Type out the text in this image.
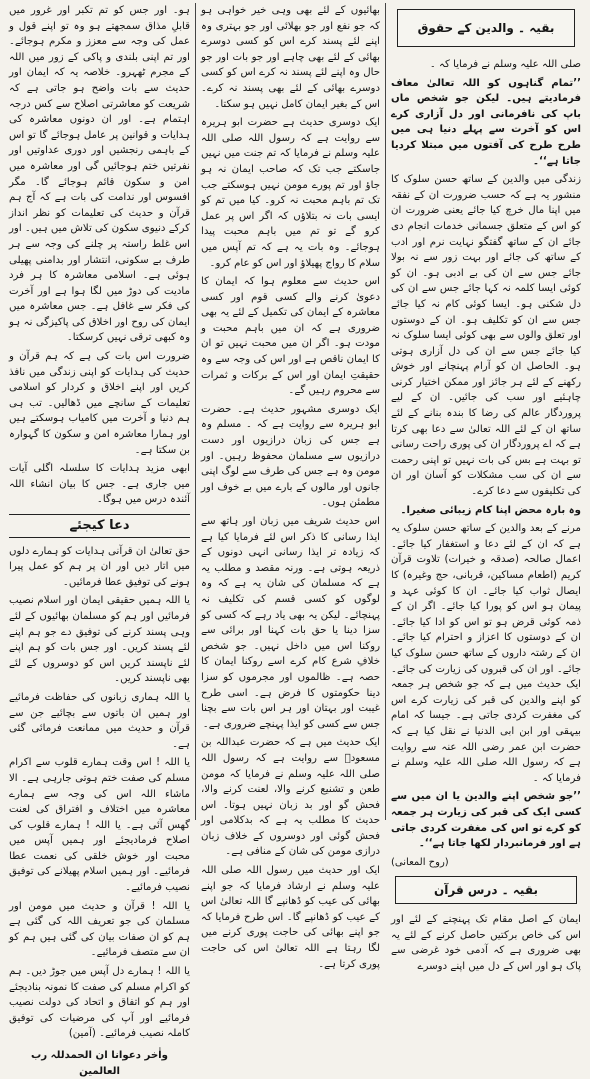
بقیہ ۔ والدین کے حقوق

صلی اللہ علیہ وسلم نے فرمایا کہ ۔

’’تمام گناہوں کو اللہ تعالیٰ معاف فرمادیتے ہیں۔ لیکن جو شخص ماں باپ کی نافرمانی اور دل آزاری کرے اس کو آخرت سے پہلے دنیا ہی میں طرح طرح کی آفتوں میں مبتلا کردیا جاتا ہے‘‘۔

زندگی میں والدین کے ساتھ حسن سلوک کا منشور یہ ہے کہ حسب ضرورت ان کے نفقہ میں اپنا مال خرچ کیا جائے یعنی ضرورت ان کو اس کے متعلق جسمانی خدمات انجام دی جائے ان کے ساتھ گفتگو نہایت نرم اور ادب کے ساتھ کی جائے اور بہت زور سے نہ بولا جائے جس سے ان کی بے ادبی ہو۔ ان کو کوئی ایسا کلمہ نہ کہا جائے جس سے ان کی دل شکنی ہو۔ ایسا کوئی کام نہ کیا جائے جس سے ان کو تکلیف ہو۔ ان کے دوستوں اور تعلق والوں سے بھی کوئی ایسا سلوک نہ کیا جائے جس سے ان کی دل آزاری ہوتی ہو۔ الحاصل ان کو آرام پہنچانے اور خوش رکھنے کے لئے ہر جائز اور ممکن اختیار کرنی چاہئیے اور سب کی جائیں۔ ان کے لیے پروردگار عالم کی رضا کا بندہ بنانے کے لئے ساتھ ان کے لئے اللہ تعالیٰ سے دعا بھی کرتا ہے کہ اے پروردگار ان کی پوری راحت رسانی تو بہت ہے بس کی بات نہیں تو اپنی رحمت سے ان کی سب مشکلات کو آسان اور ان کی تکلیفوں سے دعا کرے۔

وہ بارہ محض اپنا کام زیبائی صغیرا۔

مرنے کے بعد والدین کے ساتھ حسن سلوک یہ ہے کہ ان کے لئے دعا و استغفار کیا جائے۔ اعمال صالحہ (صدقہ و خیرات) تلاوت قرآن کریم (اطعام مساکین، قربانی، حج وغیرہ) کا ایصال ثواب کیا جائے۔ ان کا کوئی عہد و پیمان ہو اس کو پورا کیا جائے۔ اگر ان کے ذمہ کوئی قرض ہو تو اس کو ادا کیا جائے۔ ان کے دوستوں کا اعزاز و احترام کیا جائے۔ ان کے رشتہ داروں کے ساتھ حسن سلوک کیا جائے۔ اور ان کی قبروں کی زیارت کی جائے۔ ایک حدیث میں ہے کہ جو شخص ہر جمعہ کو اپنے والدین کی قبر کی زیارت کرے اس کی مغفرت کردی جاتی ہے۔ جیسا کہ امام بیہقی اور ابن ابی الدنیا نے نقل کیا ہے کہ حضرت ابن عمر رضی اللہ عنہ سے روایت ہے کہ رسول اللہ صلی اللہ علیہ وسلم نے فرمایا کہ ۔

’’جو شخص اپنے والدین یا ان میں سے کسی ایک کی قبر کی زیارت ہر جمعہ کو کرے تو اس کی مغفرت کردی جاتی ہے اور فرمانبردار لکھا جاتا ہے‘‘۔

(روح المعانی)

بقیہ ۔ درس قرآن

ایمان کے اصل مقام تک پہنچنے کے لئے اور اس کی خاص برکتیں حاصل کرنے کے لئے یہ بھی ضروری ہے کہ آدمی خود غرضی سے پاک ہو اور اس کے دل میں اپنے دوسرے

بھائیوں کے لئے بھی وہی خیر خواہی ہو کہ جو نفع اور جو بھلائی اور جو بہتری وہ اپنے لئے پسند کرے اس کو کسی دوسرے بھائی کے لئے بھی چاہے اور جو بات اور جو حال وہ اپنے لئے پسند نہ کرے اس کو کسی دوسرے بھائی کے لئے بھی پسند نہ کرے۔ اس کے بغیر ایمان کامل نہیں ہو سکتا۔

ایک دوسری حدیث ہے حضرت ابو ہریرہ سے روایت ہے کہ رسول اللہ صلی اللہ علیہ وسلم نے فرمایا کہ تم جنت میں نہیں جاسکتے جب تک کہ صاحب ایمان نہ ہو جاؤ اور تم پورے مومن نہیں ہوسکتے جب تک تم باہم محبت نہ کرو۔ کیا میں تم کو ایسی بات نہ بتلاؤں کہ اگر اس پر عمل کرو گے تو تم میں باہم محبت پیدا ہوجائے۔ وہ بات یہ ہے کہ تم آپس میں سلام کا رواج پھیلاؤ اور اس کو عام کرو۔

اس حدیث سے معلوم ہوا کہ ایمان کا دعویٰ کرنے والے کسی قوم اور کسی معاشرہ کے ایمان کی تکمیل کے لئے یہ بھی ضروری ہے کہ ان میں باہم محبت و مودت ہو۔ اگر ان میں محبت نہیں تو ان کا ایمان ناقص ہے اور اس کی وجہ سے وہ حقیقتِ ایمان اور اس کے برکات و ثمرات سے محروم رہیں گے۔

ایک دوسری مشہور حدیث ہے۔ حضرت ابو ہریرہ سے روایت ہے کہ ۔ مسلم وہ ہے جس کی زبان درازیوں اور دست درازیوں سے مسلمان محفوظ رہیں۔ اور مومن وہ ہے جس کی طرف سے لوگ اپنی جانوں اور مالوں کے بارے میں بے خوف اور مطمئن ہوں۔

اس حدیث شریف میں زبان اور ہاتھ سے ایذا رسانی کا ذکر اس لئے فرمایا کیا ہے کہ زیادہ تر ایذا رسانی انہی دونوں کے ذریعہ ہوتی ہے۔ ورنہ مقصد و مطلب یہ ہے کہ مسلمان کی شان یہ ہے کہ وہ لوگوں کو کسی قسم کی تکلیف نہ پہنچائے۔ لیکن یہ بھی یاد رہے کہ کسی کو سزا دینا یا حق بات کہنا اور برائی سے روکنا اس میں داخل نہیں۔ جو شخص خلافِ شرع کام کرے اسے روکنا ایمان کا حصہ ہے۔ ظالموں اور مجرموں کو سزا دینا حکومتوں کا فرض ہے۔ اسی طرح غیبت اور بہتان اور ہر اس بات سے بچنا جس سے کسی کو ایذا پہنچے ضروری ہے۔

ایک حدیث میں ہے کہ حضرت عبداللہ بن مسعودؓ سے روایت ہے کہ رسول اللہ صلی اللہ علیہ وسلم نے فرمایا کہ مومن طعن و تشنیع کرنے والا، لعنت کرنے والا، فحش گو اور بد زبان نہیں ہوتا۔ اس حدیث کا مطلب یہ ہے کہ بدکلامی اور فحش گوئی اور دوسروں کے خلاف زبان درازی مومن کی شان کے منافی ہے۔

ایک اور حدیث میں رسول اللہ صلی اللہ علیہ وسلم نے ارشاد فرمایا کہ جو اپنے بھائی کی عیب کو ڈھانپے گا اللہ تعالیٰ اس کے عیب کو ڈھانپے گا۔ اس طرح فرمایا کہ جو اپنے بھائی کی حاجت پوری کرنے میں لگا رہتا ہے اللہ تعالیٰ اس کی حاجت پوری کرتا ہے۔

ہو۔ اور جس کو تم تکبر اور غرور میں قابلِ مذاق سمجھتے ہو وہ تو اپنے قول و عمل کی وجہ سے معزز و مکرم ہوجائے۔ اور تم اپنی بلندی و پاکی کے زور میں اللہ کے مجرم ٹھہرو۔ خلاصہ یہ کہ ایمان اور حدیث سے بات واضح ہو جاتی ہے کہ شریعت کو معاشرتی اصلاح سے کس درجہ اہتمام ہے۔ اور ان دونوں معاشرہ کی ہدایات و قوانین پر عامل ہوجائے گا تو اس کے باہمی رنجشیں اور دوری عداوتیں اور نفرتیں ختم ہوجائیں گی اور معاشرہ میں امن و سکون قائم ہوجائے گا۔ مگر افسوس اور ندامت کی بات ہے کہ آج ہم قرآن و حدیث کی تعلیمات کو نظر انداز کرکے دنیوی سکون کی تلاش میں ہیں۔ اور اس غلط راستہ پر چلنے کی وجہ سے ہر طرف بے سکونی، انتشار اور بدامنی پھیلی ہوئی ہے۔ اسلامی معاشرہ کا ہر فرد مادیت کی دوڑ میں لگا ہوا ہے اور آخرت کی فکر سے غافل ہے۔ جس معاشرہ میں ایمان کی روح اور اخلاق کی پاکیزگی نہ ہو وہ کبھی ترقی نہیں کرسکتا۔

ضرورت اس بات کی ہے کہ ہم قرآن و حدیث کی ہدایات کو اپنی زندگی میں نافذ کریں اور اپنے اخلاق و کردار کو اسلامی تعلیمات کے سانچے میں ڈھالیں۔ تب ہی ہم دنیا و آخرت میں کامیاب ہوسکتے ہیں اور ہمارا معاشرہ امن و سکون کا گہوارہ بن سکتا ہے۔

ابھی مزید ہدایات کا سلسلہ اگلی آیات میں جاری ہے۔ جس کا بیان انشاء اللہ آئندہ درس میں ہوگا۔

دعا کیجئے

حق تعالیٰ ان قرآنی ہدایات کو ہمارے دلوں میں اتار دیں اور ان پر ہم کو عمل پیرا ہونے کی توفیق عطا فرمائیں۔

یا اللہ ہمیں حقیقی ایمان اور اسلام نصیب فرمائیں اور ہم کو مسلمان بھائیوں کے لئے وہی پسند کرنے کی توفیق دے جو ہم اپنے لئے پسند کریں۔ اور جس بات کو ہم اپنے لئے ناپسند کریں اس کو دوسروں کے لئے بھی ناپسند کریں۔

یا اللہ ہماری زبانوں کی حفاظت فرمائیے اور ہمیں ان باتوں سے بچائیے جن سے قرآن و حدیث میں ممانعت فرمائی گئی ہے۔

یا اللہ ! اس وقت ہمارے قلوب سے اکرام مسلم کی صفت ختم ہوتی جارہی ہے۔ الا ماشاء اللہ اس کی وجہ سے ہمارے معاشرہ میں اختلاف و افتراق کی لعنت گھس آئی ہے۔ یا اللہ ! ہمارے قلوب کی اصلاح فرمادیجئے اور ہمیں آپس میں محبت اور خوش خلقی کی نعمت عطا فرمائیے۔ اور ہمیں اسلام پھیلانے کی توفیق نصیب فرمائیے۔

یا اللہ ! قرآن و حدیث میں مومن اور مسلمان کی جو تعریف اللہ کی گئی ہے ہم کو ان صفات بیان کی گئی ہیں ہم کو ان سے متصف فرمائیے۔

یا اللہ ! ہمارے دل آپس میں جوڑ دیں۔ ہم کو اکرام مسلم کی صفت کا نمونہ بنادیجئے اور ہم کو اتفاق و اتحاد کی دولت نصیب فرمائیے اور آپ کی مرضیات کی توفیق کاملہ نصیب فرمائیے۔ (آمین)

واٰخر دعوانا ان الحمدللہ رب العالمین
